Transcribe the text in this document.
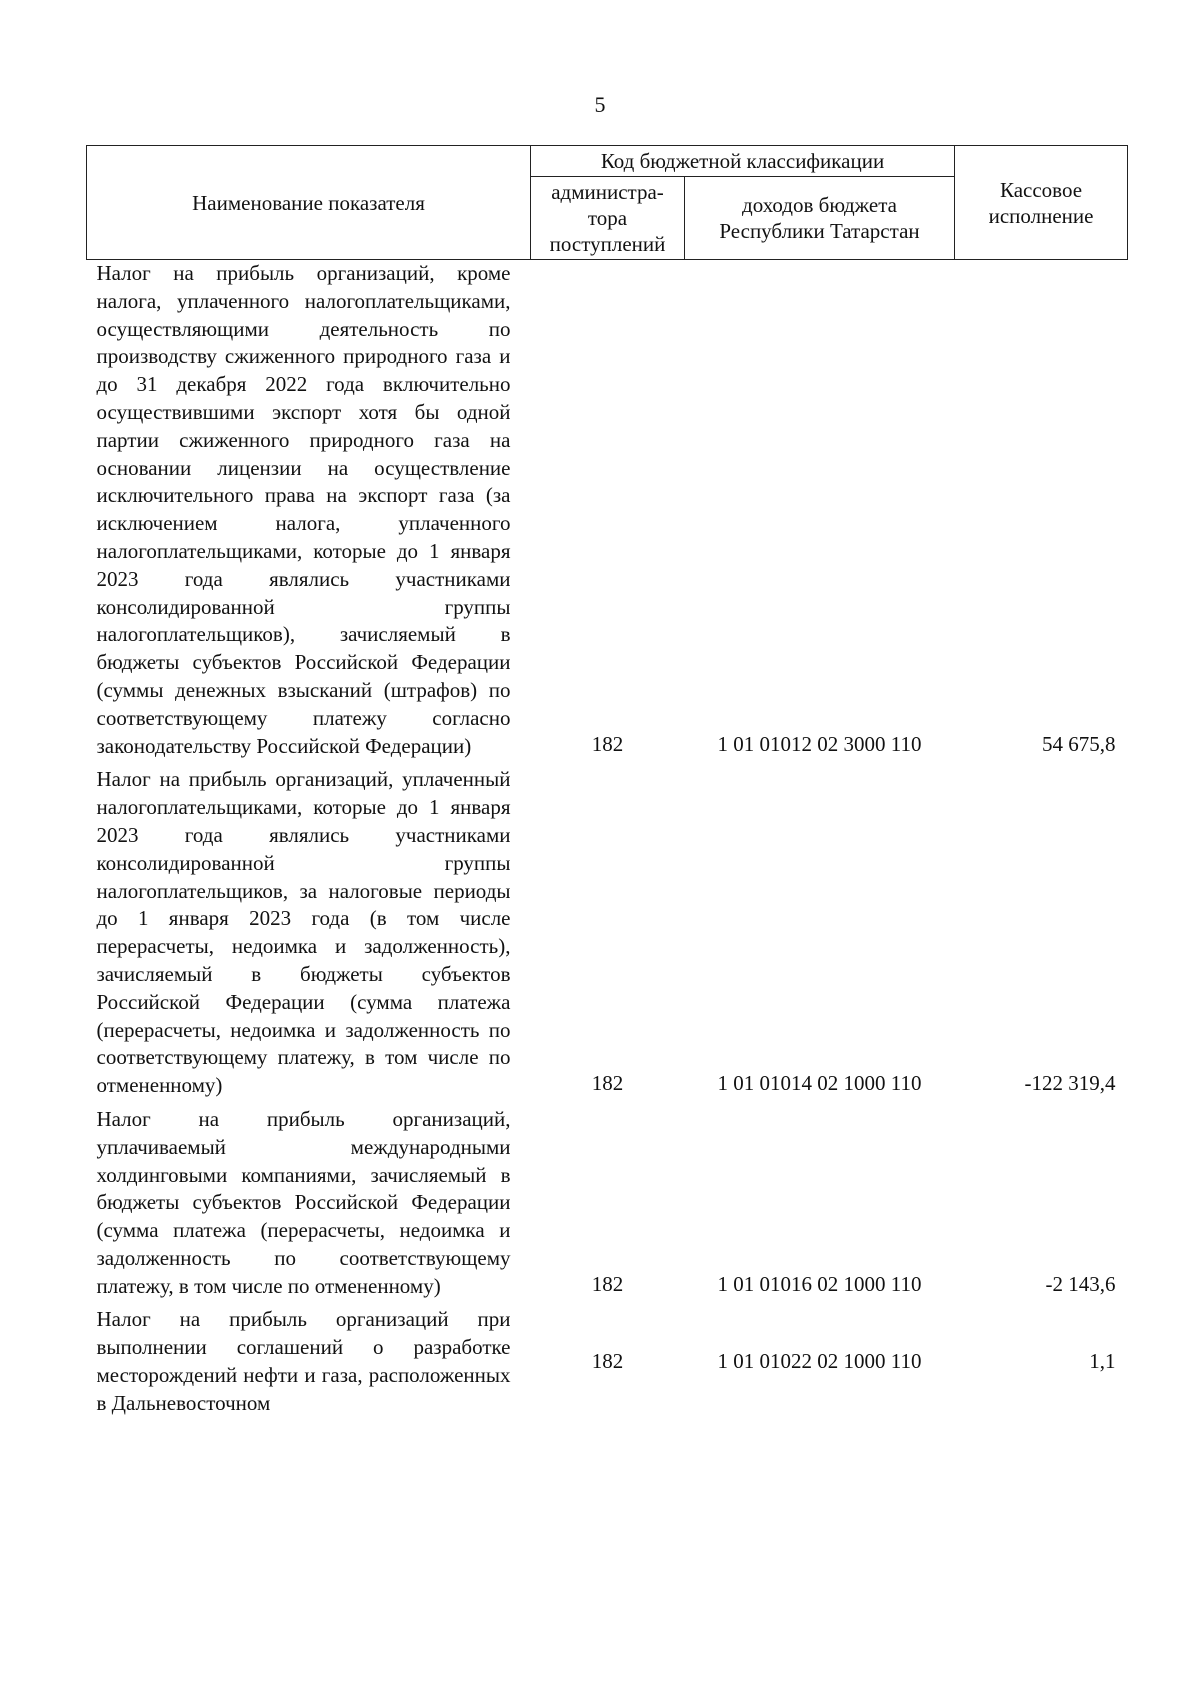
5
Наименование показателя	Код бюджетной классификации		Кассовое исполнение
	администра-тора поступлений	доходов бюджета Республики Татарстан	
Налог на прибыль организаций, кроме налога, уплаченного налогоплательщиками, осуществляющими деятельность по производству сжиженного природного газа и до 31 декабря 2022 года включительно осуществившими экспорт хотя бы одной партии сжиженного природного газа на основании лицензии на осуществление исключительного права на экспорт газа (за исключением налога, уплаченного налогоплательщиками, которые до 1 января 2023 года являлись участниками консолидированной группы налогоплательщиков), зачисляемый в бюджеты субъектов Российской Федерации (суммы денежных взысканий (штрафов) по соответствующему платежу согласно законодательству Российской Федерации)	182	1 01 01012 02 3000 110	54 675,8
Налог на прибыль организаций, уплаченный налогоплательщиками, которые до 1 января 2023 года являлись участниками консолидированной группы налогоплательщиков, за налоговые периоды до 1 января 2023 года (в том числе перерасчеты, недоимка и задолженность), зачисляемый в бюджеты субъектов Российской Федерации (сумма платежа (перерасчеты, недоимка и задолженность по соответствующему платежу, в том числе по отмененному)	182	1 01 01014 02 1000 110	-122 319,4
Налог на прибыль организаций, уплачиваемый международными холдинговыми компаниями, зачисляемый в бюджеты субъектов Российской Федерации (сумма платежа (перерасчеты, недоимка и задолженность по соответствующему платежу, в том числе по отмененному)	182	1 01 01016 02 1000 110	-2 143,6
Налог на прибыль организаций при выполнении соглашений о разработке месторождений нефти и газа, расположенных в Дальневосточном	182	1 01 01022 02 1000 110	1,1
